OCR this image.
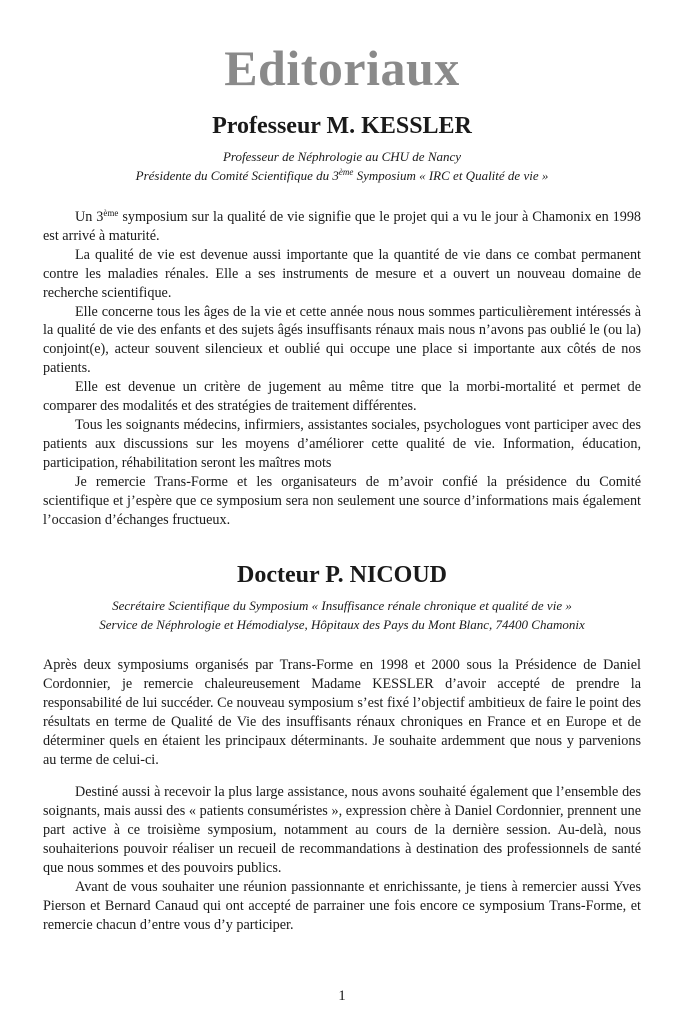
Editoriaux
Professeur M. KESSLER
Professeur de Néphrologie au CHU de Nancy
Présidente du Comité Scientifique du 3ème Symposium « IRC et Qualité de vie »

Un 3ème symposium sur la qualité de vie signifie que le projet qui a vu le jour à Chamonix en 1998 est arrivé à maturité.

La qualité de vie est devenue aussi importante que la quantité de vie dans ce combat permanent contre les maladies rénales. Elle a ses instruments de mesure et a ouvert un nouveau domaine de recherche scientifique.

Elle concerne tous les âges de la vie et cette année nous nous sommes particulièrement intéressés à la qualité de vie des enfants et des sujets âgés insuffisants rénaux mais nous n’avons pas oublié le (ou la) conjoint(e), acteur souvent silencieux et oublié qui occupe une place si importante aux côtés de nos patients.

Elle est devenue un critère de jugement au même titre que la morbi-mortalité et permet de comparer des modalités et des stratégies de traitement différentes.

Tous les soignants médecins, infirmiers, assistantes sociales, psychologues vont participer avec des patients aux discussions sur les moyens d’améliorer cette qualité de vie. Information, éducation, participation, réhabilitation seront les maîtres mots

Je remercie Trans-Forme et les organisateurs de m’avoir confié la présidence du Comité scientifique et j’espère que ce symposium sera non seulement une source d’informations mais également l’occasion d’échanges fructueux.

Docteur P. NICOUD
Secrétaire Scientifique du Symposium « Insuffisance rénale chronique et qualité de vie »
Service de Néphrologie et Hémodialyse, Hôpitaux des Pays du Mont Blanc, 74400 Chamonix

Après deux symposiums organisés par Trans-Forme en 1998 et 2000 sous la Présidence de Daniel Cordonnier, je remercie chaleureusement Madame KESSLER d’avoir accepté de prendre la responsabilité de lui succéder. Ce nouveau symposium s’est fixé l’objectif ambitieux de faire le point des résultats en terme de Qualité de Vie des insuffisants rénaux chroniques en France et en Europe et de déterminer quels en étaient les principaux déterminants. Je souhaite ardemment que nous y parvenions au terme de celui-ci.

Destiné aussi à recevoir la plus large assistance, nous avons souhaité également que l’ensemble des soignants, mais aussi des « patients consuméristes », expression chère à Daniel Cordonnier, prennent une part active à ce troisième symposium, notamment au cours de la dernière session. Au-delà, nous souhaiterions pouvoir réaliser un recueil de recommandations à destination des professionnels de santé que nous sommes et des pouvoirs publics.

Avant de vous souhaiter une réunion passionnante et enrichissante, je tiens à remercier aussi Yves Pierson et Bernard Canaud qui ont accepté de parrainer une fois encore ce symposium Trans-Forme, et remercie chacun d’entre vous d’y participer.

1
